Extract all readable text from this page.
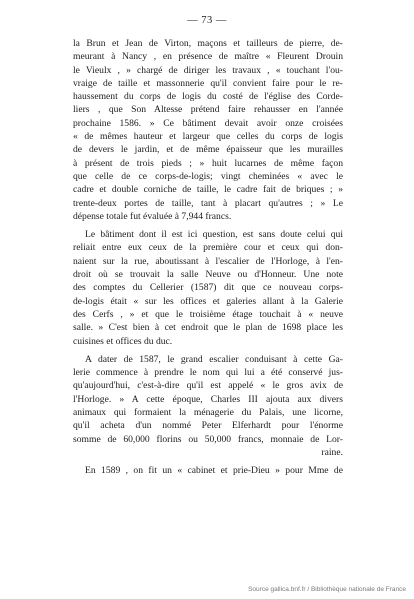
— 73 —
la Brun et Jean de Virton, maçons et tailleurs de pierre, de-
meurant à Nancy , en présence de maître « Fleurent Drouin
le Vieulx , » chargé de diriger les travaux , « touchant l'ou-
vraige de taille et massonnerie qu'il convient faire pour le re-
haussement du corps de logis du costé de l'église des Corde-
liers , que Son Altesse prétend faire rehausser en l'année
prochaine 1586. » Ce bâtiment devait avoir onze croisées
« de mêmes hauteur et largeur que celles du corps de logis
de devers le jardin, et de même épaisseur que les murailles
à présent de trois pieds ; » huit lucarnes de même façon
que celle de ce corps-de-logis; vingt cheminées « avec le
cadre et double corniche de taille, le cadre fait de briques ; »
trente-deux portes de taille, tant à placart qu'autres ; » Le
dépense totale fut évaluée à 7,944 francs.
Le bâtiment dont il est ici question, est sans doute celui qui
reliait entre eux ceux de la première cour et ceux qui don-
naient sur la rue, aboutissant à l'escalier de l'Horloge, à l'en-
droit où se trouvait la salle Neuve ou d'Honneur. Une note
des comptes du Cellerier (1587) dit que ce nouveau corps-
de-logis était « sur les offices et galeries allant à la Galerie
des Cerfs , » et que le troisième étage touchait à « neuve
salle. » C'est bien à cet endroit que le plan de 1698 place les
cuisines et offices du duc.
A dater de 1587, le grand escalier conduisant à cette Ga-
lerie commence à prendre le nom qui lui a été conservé jus-
qu'aujourd'hui, c'est-à-dire qu'il est appelé « le gros avix de
l'Horloge. » A cette époque, Charles III ajouta aux divers
animaux qui formaient la ménagerie du Palais, une licorne,
qu'il acheta d'un nommé Peter Elferhardt pour l'énorme
somme de 60,000 florins ou 50,000 francs, monnaie de Lor-
raine.
En 1589 , on fit un « cabinet et prie-Dieu » pour Mme de
Source gallica.bnf.fr / Bibliothèque nationale de France
